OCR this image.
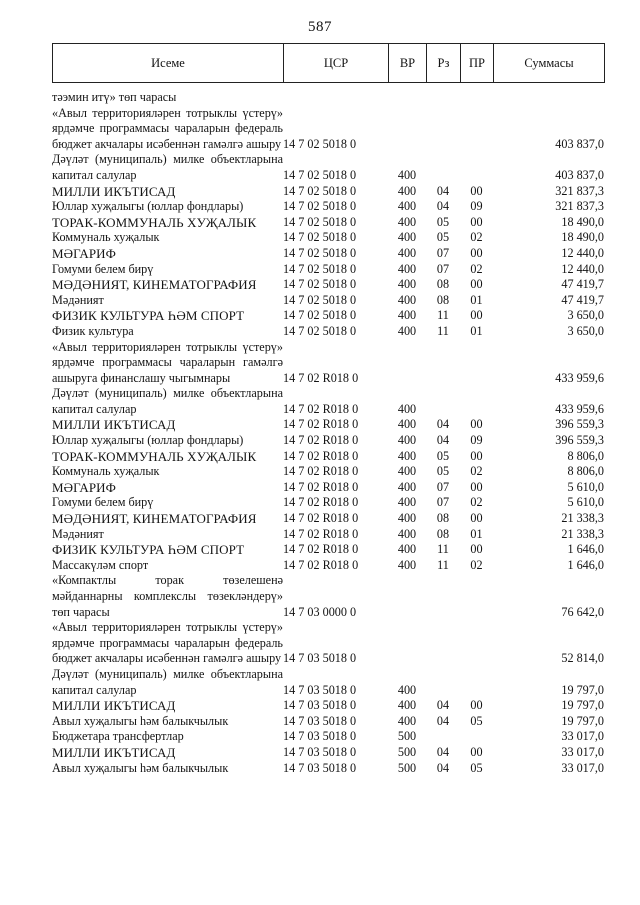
587
Исеме	ЦСР	ВР	Рз	ПР	Суммасы
тәэмин итү» төп чарасы					
«Авыл территорияләрен тотрыклы үстерү» ярдәмче программасы чараларын федераль бюджет акчалары исәбеннән гамәлгә ашыру	14 7 02 5018 0				403 837,0
Дәүләт (муниципаль) милке объектларына капитал салулар	14 7 02 5018 0	400			403 837,0
МИЛЛИ ИКЪТИСАД	14 7 02 5018 0	400	04	00	321 837,3
Юллар хуҗалыгы (юллар фондлары)	14 7 02 5018 0	400	04	09	321 837,3
ТОРАК-КОММУНАЛЬ ХУҖАЛЫК	14 7 02 5018 0	400	05	00	18 490,0
Коммуналь хуҗалык	14 7 02 5018 0	400	05	02	18 490,0
МӘГАРИФ	14 7 02 5018 0	400	07	00	12 440,0
Гомуми белем бирү	14 7 02 5018 0	400	07	02	12 440,0
МӘДӘНИЯТ, КИНЕМАТОГРАФИЯ	14 7 02 5018 0	400	08	00	47 419,7
Мәдәният	14 7 02 5018 0	400	08	01	47 419,7
ФИЗИК КУЛЬТУРА ҺӘМ СПОРТ	14 7 02 5018 0	400	11	00	3 650,0
Физик культура	14 7 02 5018 0	400	11	01	3 650,0
«Авыл территорияләрен тотрыклы үстерү» ярдәмче программасы чараларын гамәлгә ашыруга финанслашу чыгымнары	14 7 02 R018 0				433 959,6
Дәүләт (муниципаль) милке объектларына капитал салулар	14 7 02 R018 0	400			433 959,6
МИЛЛИ ИКЪТИСАД	14 7 02 R018 0	400	04	00	396 559,3
Юллар хуҗалыгы (юллар фондлары)	14 7 02 R018 0	400	04	09	396 559,3
ТОРАК-КОММУНАЛЬ ХУҖАЛЫК	14 7 02 R018 0	400	05	00	8 806,0
Коммуналь хуҗалык	14 7 02 R018 0	400	05	02	8 806,0
МӘГАРИФ	14 7 02 R018 0	400	07	00	5 610,0
Гомуми белем бирү	14 7 02 R018 0	400	07	02	5 610,0
МӘДӘНИЯТ, КИНЕМАТОГРАФИЯ	14 7 02 R018 0	400	08	00	21 338,3
Мәдәният	14 7 02 R018 0	400	08	01	21 338,3
ФИЗИК КУЛЬТУРА ҺӘМ СПОРТ	14 7 02 R018 0	400	11	00	1 646,0
Массакүләм спорт	14 7 02 R018 0	400	11	02	1 646,0
«Компактлы торак төзелешенә мәйданнарны комплекслы төзекләндерү» төп чарасы	14 7 03 0000 0				76 642,0
«Авыл территорияләрен тотрыклы үстерү» ярдәмче программасы чараларын федераль бюджет акчалары исәбеннән гамәлгә ашыру	14 7 03 5018 0				52 814,0
Дәүләт (муниципаль) милке объектларына капитал салулар	14 7 03 5018 0	400			19 797,0
МИЛЛИ ИКЪТИСАД	14 7 03 5018 0	400	04	00	19 797,0
Авыл хуҗалыгы һәм балыкчылык	14 7 03 5018 0	400	04	05	19 797,0
Бюджетара трансфертлар	14 7 03 5018 0	500			33 017,0
МИЛЛИ ИКЪТИСАД	14 7 03 5018 0	500	04	00	33 017,0
Авыл хуҗалыгы һәм балыкчылык	14 7 03 5018 0	500	04	05	33 017,0
